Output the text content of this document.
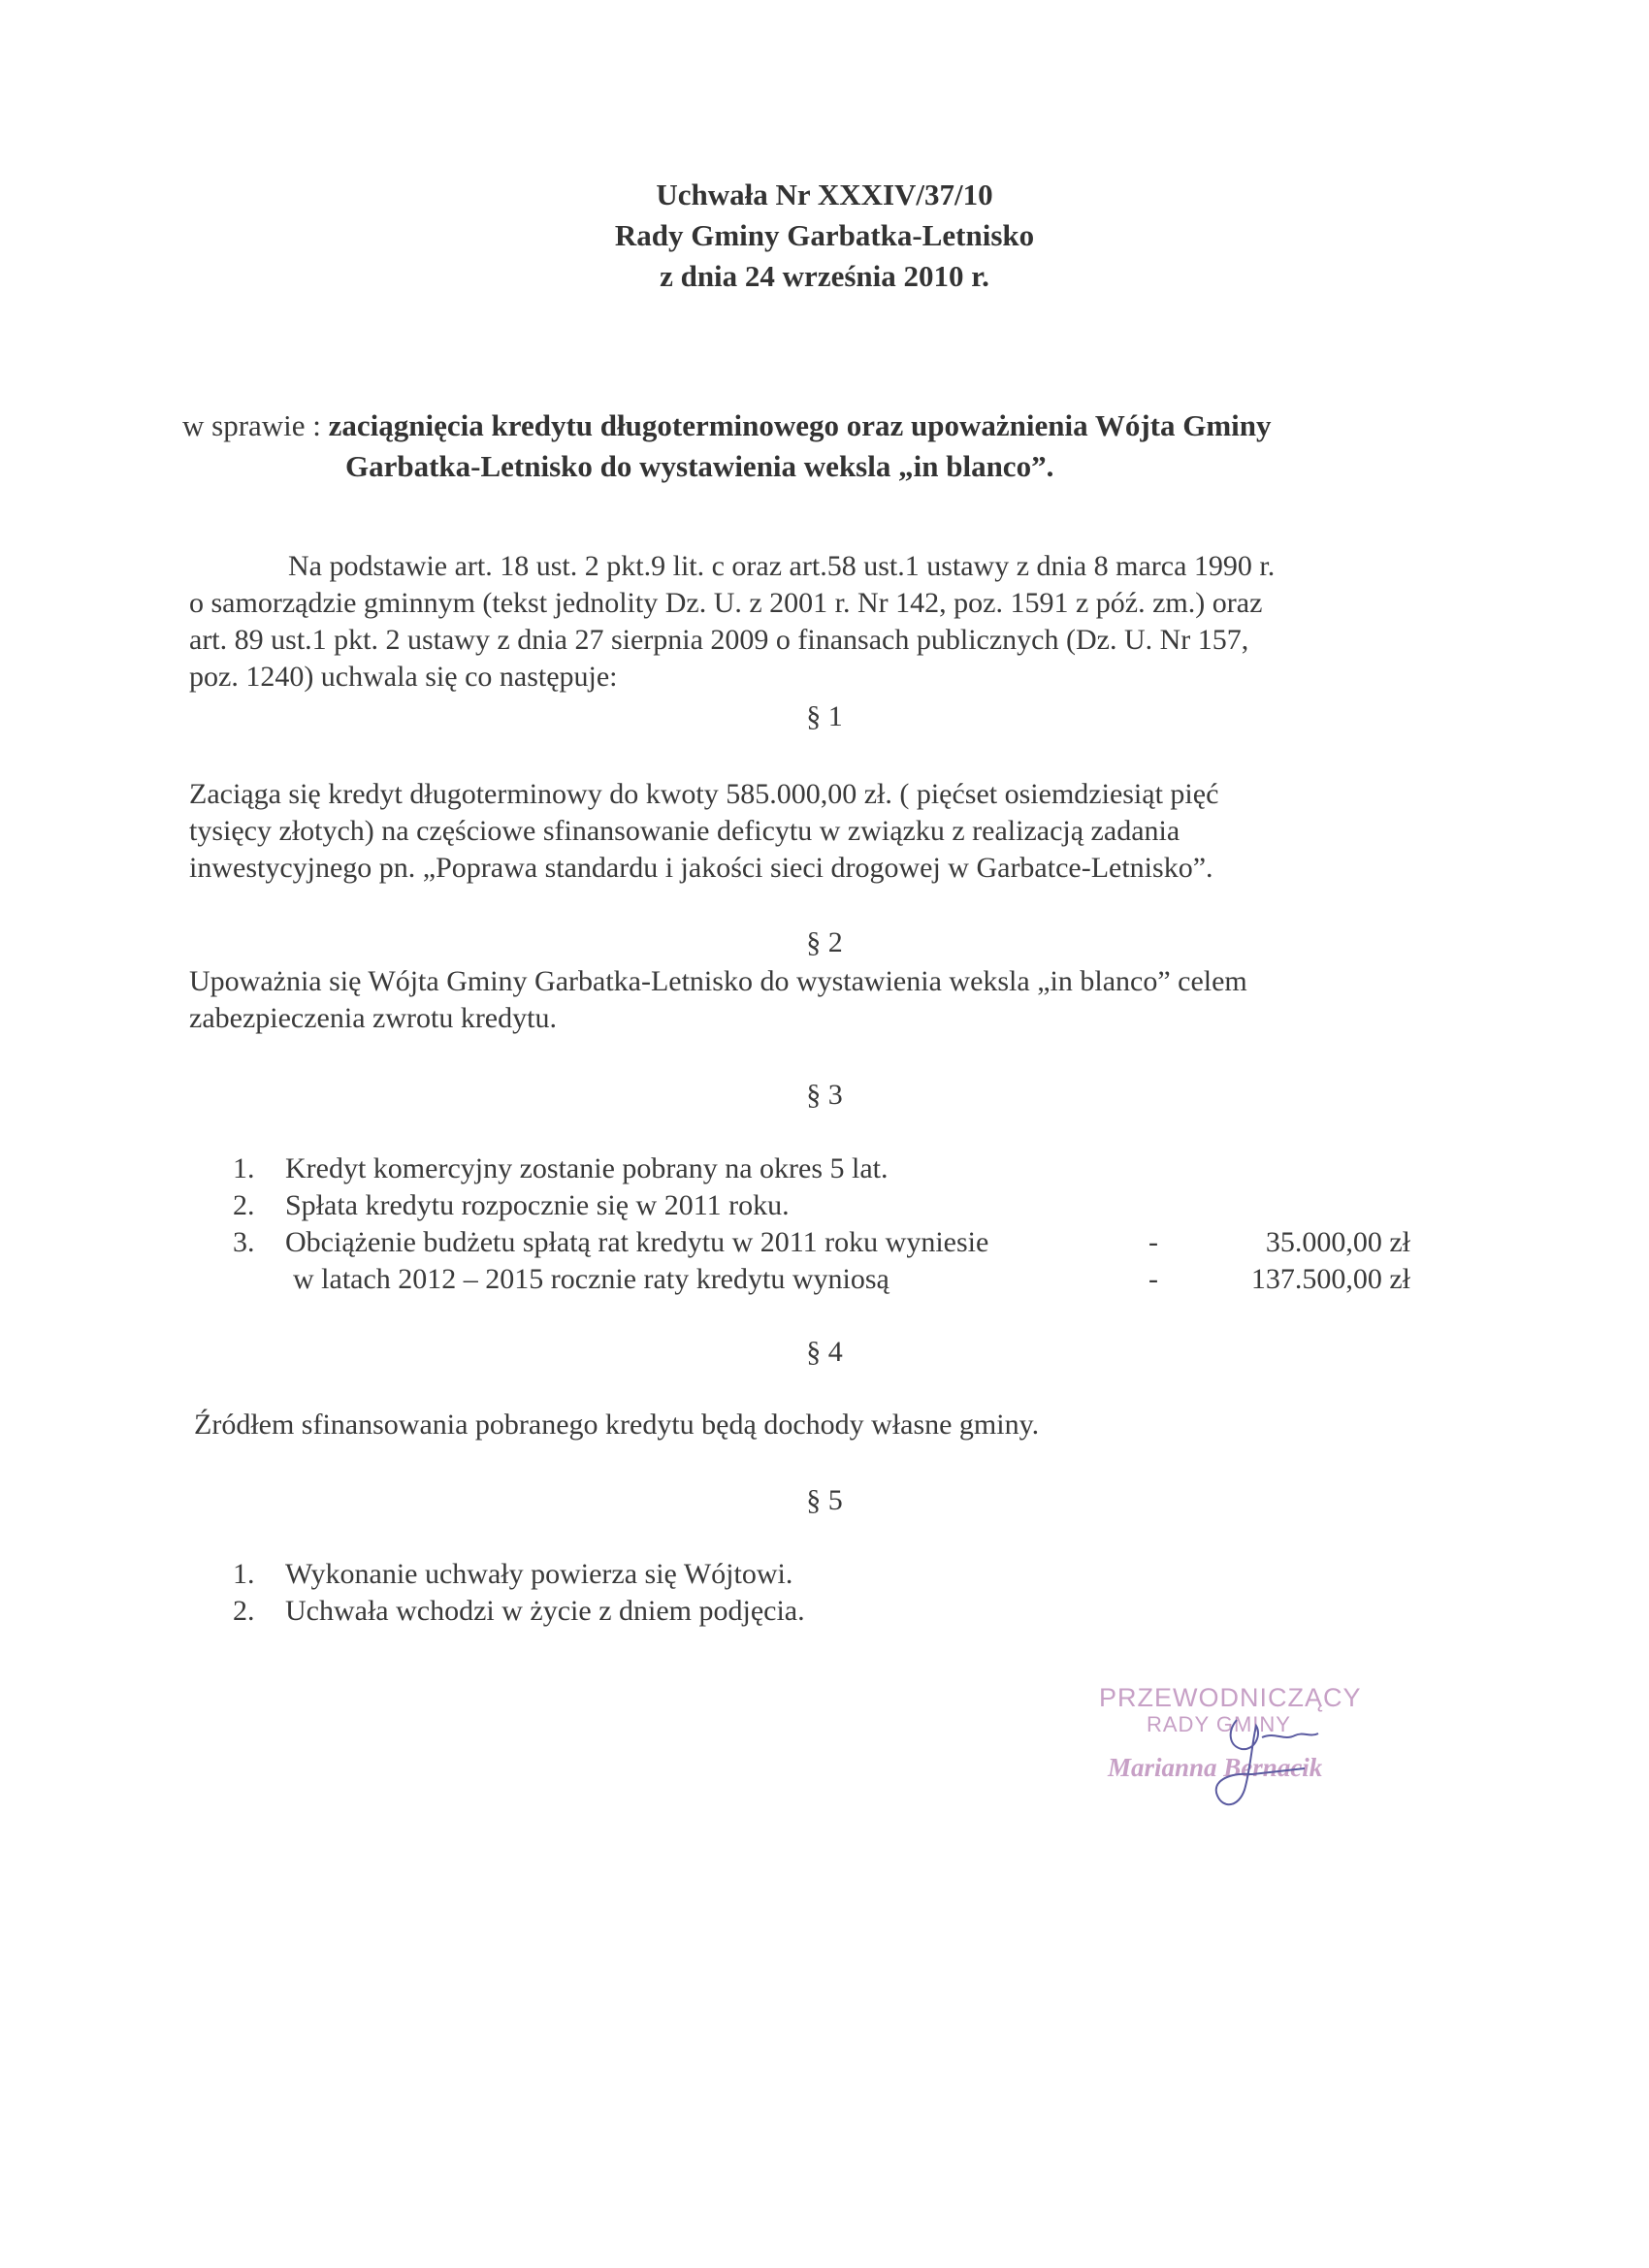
Uchwała Nr XXXIV/37/10
Rady Gminy Garbatka-Letnisko
z dnia 24 września 2010 r.
w sprawie : zaciągnięcia kredytu długoterminowego oraz upoważnienia Wójta Gminy
Garbatka-Letnisko do wystawienia weksla „in blanco”.
Na podstawie art. 18 ust. 2 pkt.9 lit. c oraz art.58 ust.1 ustawy z dnia 8 marca 1990 r.
o samorządzie gminnym (tekst jednolity Dz. U. z 2001 r. Nr 142, poz. 1591 z póź. zm.) oraz
art. 89 ust.1 pkt. 2 ustawy z dnia 27 sierpnia 2009 o finansach publicznych (Dz. U. Nr 157,
poz. 1240) uchwala się co następuje:
§ 1
Zaciąga się kredyt długoterminowy do kwoty 585.000,00 zł. ( pięćset osiemdziesiąt pięć
tysięcy złotych) na częściowe sfinansowanie deficytu w związku z realizacją zadania
inwestycyjnego pn. „Poprawa standardu i jakości sieci drogowej w Garbatce-Letnisko”.
§ 2
Upoważnia się Wójta Gminy Garbatka-Letnisko do wystawienia weksla „in blanco” celem
zabezpieczenia zwrotu kredytu.
§ 3
1.	Kredyt komercyjny zostanie pobrany na okres 5 lat.
2.	Spłata kredytu rozpocznie się w 2011 roku.
3.	Obciążenie budżetu spłatą rat kredytu w 2011 roku wyniesie	-	35.000,00 zł
w latach 2012 – 2015 rocznie raty kredytu wyniosą	-	137.500,00 zł
§ 4
Źródłem sfinansowania pobranego kredytu będą dochody własne gminy.
§ 5
1.	Wykonanie uchwały powierza się Wójtowi.
2.	Uchwała wchodzi w życie z dniem podjęcia.
PRZEWODNICZĄCY
RADY GMINY
Marianna Bernacik
